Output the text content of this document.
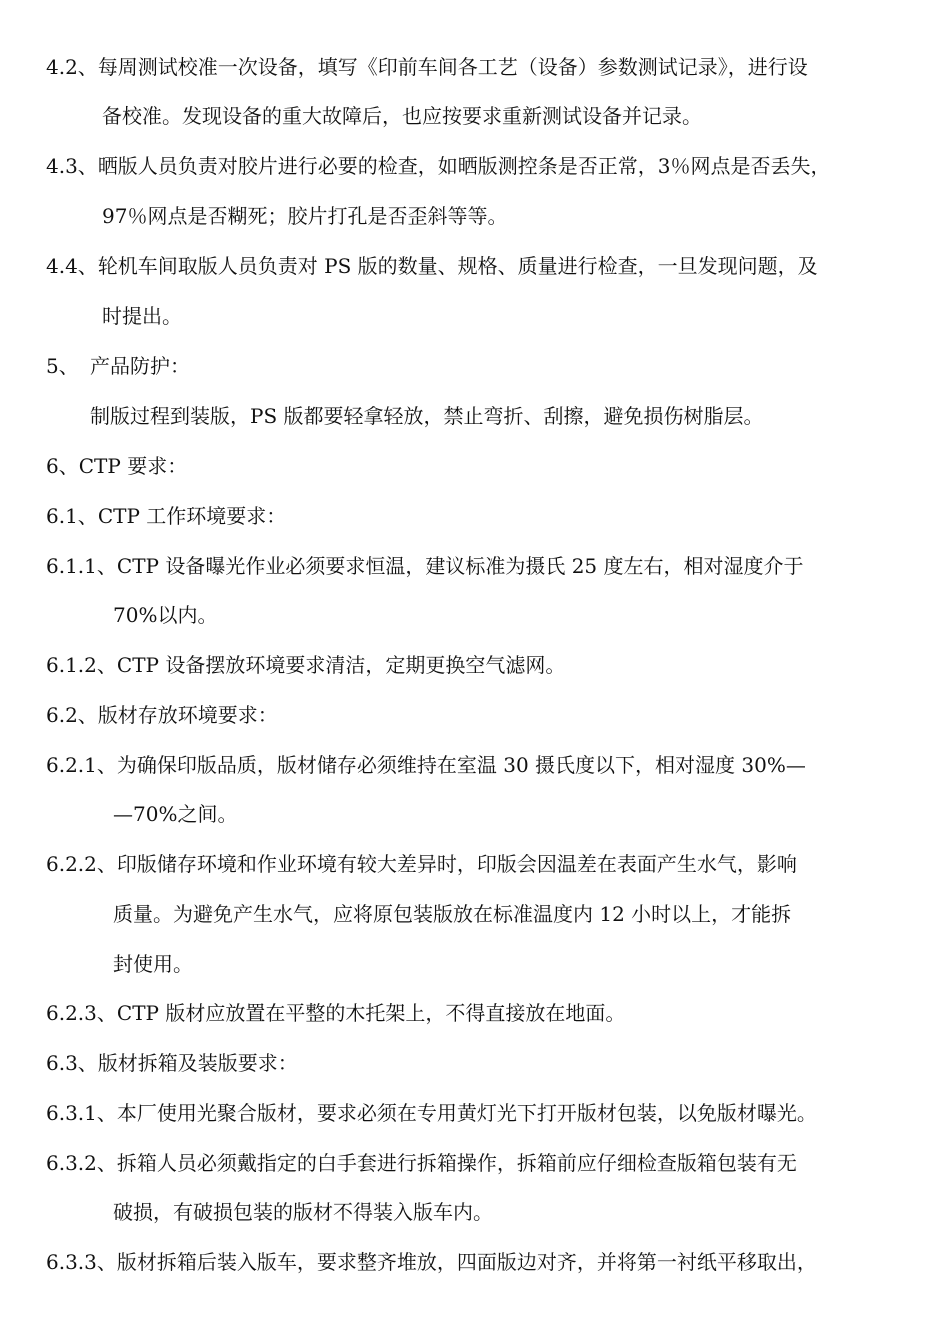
4.2、每周测试校准一次设备，填写《印前车间各工艺（设备）参数测试记录》，进行设
备校准。发现设备的重大故障后，也应按要求重新测试设备并记录。
4.3、晒版人员负责对胶片进行必要的检查，如晒版测控条是否正常，3％网点是否丢失，
97％网点是否糊死；胶片打孔是否歪斜等等。
4.4、轮机车间取版人员负责对 PS 版的数量、规格、质量进行检查，一旦发现问题，及
时提出。
5、 产品防护：
制版过程到装版，PS 版都要轻拿轻放，禁止弯折、刮擦，避免损伤树脂层。
6、CTP 要求：
6.1、CTP 工作环境要求：
6.1.1、CTP 设备曝光作业必须要求恒温，建议标准为摄氏 25 度左右，相对湿度介于
70%以内。
6.1.2、CTP 设备摆放环境要求清洁，定期更换空气滤网。
6.2、版材存放环境要求：
6.2.1、为确保印版品质，版材储存必须维持在室温 30 摄氏度以下，相对湿度 30%—
—70%之间。
6.2.2、印版储存环境和作业环境有较大差异时，印版会因温差在表面产生水气，影响
质量。为避免产生水气，应将原包装版放在标准温度内 12 小时以上，才能拆
封使用。
6.2.3、CTP 版材应放置在平整的木托架上，不得直接放在地面。
6.3、版材拆箱及装版要求：
6.3.1、本厂使用光聚合版材，要求必须在专用黄灯光下打开版材包装，以免版材曝光。
6.3.2、拆箱人员必须戴指定的白手套进行拆箱操作，拆箱前应仔细检查版箱包装有无
破损，有破损包装的版材不得装入版车内。
6.3.3、版材拆箱后装入版车，要求整齐堆放，四面版边对齐，并将第一衬纸平移取出，
